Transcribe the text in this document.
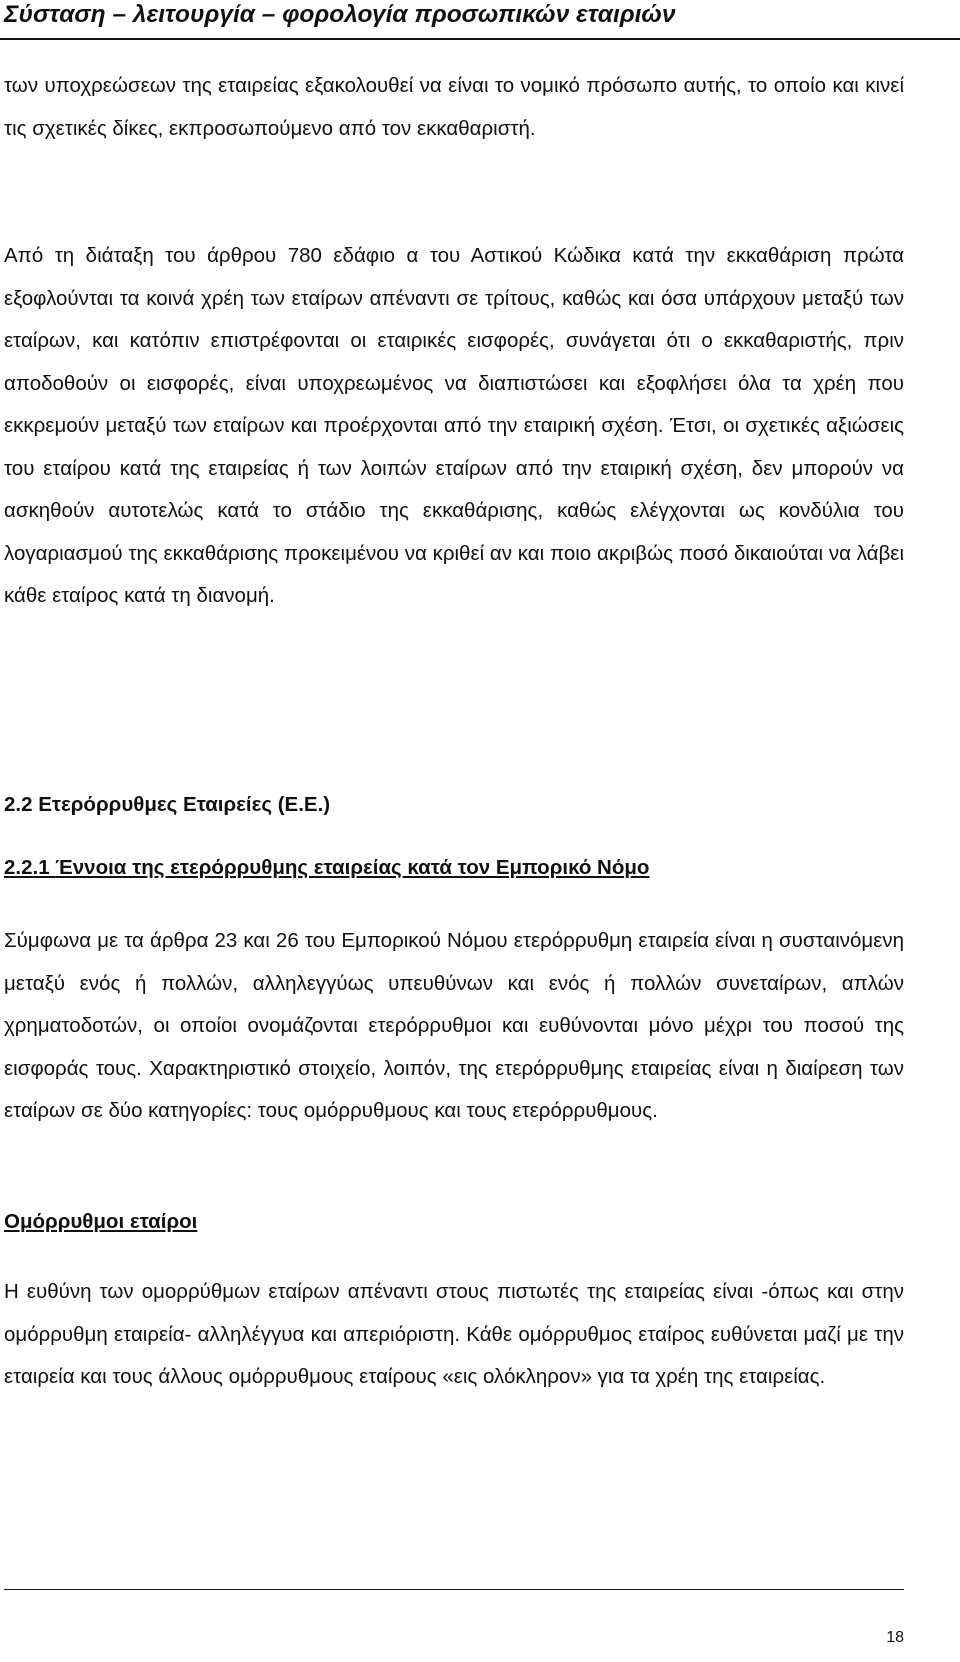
Σύσταση – λειτουργία – φορολογία προσωπικών εταιριών
των υποχρεώσεων της εταιρείας εξακολουθεί να είναι το νομικό πρόσωπο αυτής, το οποίο και κινεί τις σχετικές δίκες, εκπροσωπούμενο από τον εκκαθαριστή.
Από τη διάταξη του άρθρου 780 εδάφιο α του Αστικού Κώδικα κατά την εκκαθάριση πρώτα εξοφλούνται τα κοινά χρέη των εταίρων απέναντι σε τρίτους, καθώς και όσα υπάρχουν μεταξύ των εταίρων, και κατόπιν επιστρέφονται οι εταιρικές εισφορές, συνάγεται ότι ο εκκαθαριστής, πριν αποδοθούν οι εισφορές, είναι υποχρεωμένος να διαπιστώσει και εξοφλήσει όλα τα χρέη που εκκρεμούν μεταξύ των εταίρων και προέρχονται από την εταιρική σχέση. Έτσι, οι σχετικές αξιώσεις του εταίρου κατά της εταιρείας ή των λοιπών εταίρων από την εταιρική σχέση, δεν μπορούν να ασκηθούν αυτοτελώς κατά το στάδιο της εκκαθάρισης, καθώς ελέγχονται ως κονδύλια του λογαριασμού της εκκαθάρισης προκειμένου να κριθεί αν και ποιο ακριβώς ποσό δικαιούται να λάβει κάθε εταίρος κατά τη διανομή.
2.2 Ετερόρρυθμες Εταιρείες (Ε.Ε.)
2.2.1 Έννοια της ετερόρρυθμης εταιρείας κατά τον Εμπορικό Νόμο
Σύμφωνα με τα άρθρα 23 και 26 του Εμπορικού Νόμου ετερόρρυθμη εταιρεία είναι η συσταινόμενη μεταξύ ενός ή πολλών, αλληλεγγύως υπευθύνων και ενός ή πολλών συνεταίρων, απλών χρηματοδοτών, οι οποίοι ονομάζονται ετερόρρυθμοι και ευθύνονται μόνο μέχρι του ποσού της εισφοράς τους. Χαρακτηριστικό στοιχείο, λοιπόν, της ετερόρρυθμης εταιρείας είναι η διαίρεση των εταίρων σε δύο κατηγορίες: τους ομόρρυθμους και τους ετερόρρυθμους.
Ομόρρυθμοι εταίροι
Η ευθύνη των ομορρύθμων εταίρων απέναντι στους πιστωτές της εταιρείας είναι -όπως και στην ομόρρυθμη εταιρεία- αλληλέγγυα και απεριόριστη. Κάθε ομόρρυθμος εταίρος ευθύνεται μαζί με την εταιρεία και τους άλλους ομόρρυθμους εταίρους «εις ολόκληρον» για τα χρέη της εταιρείας.
18
